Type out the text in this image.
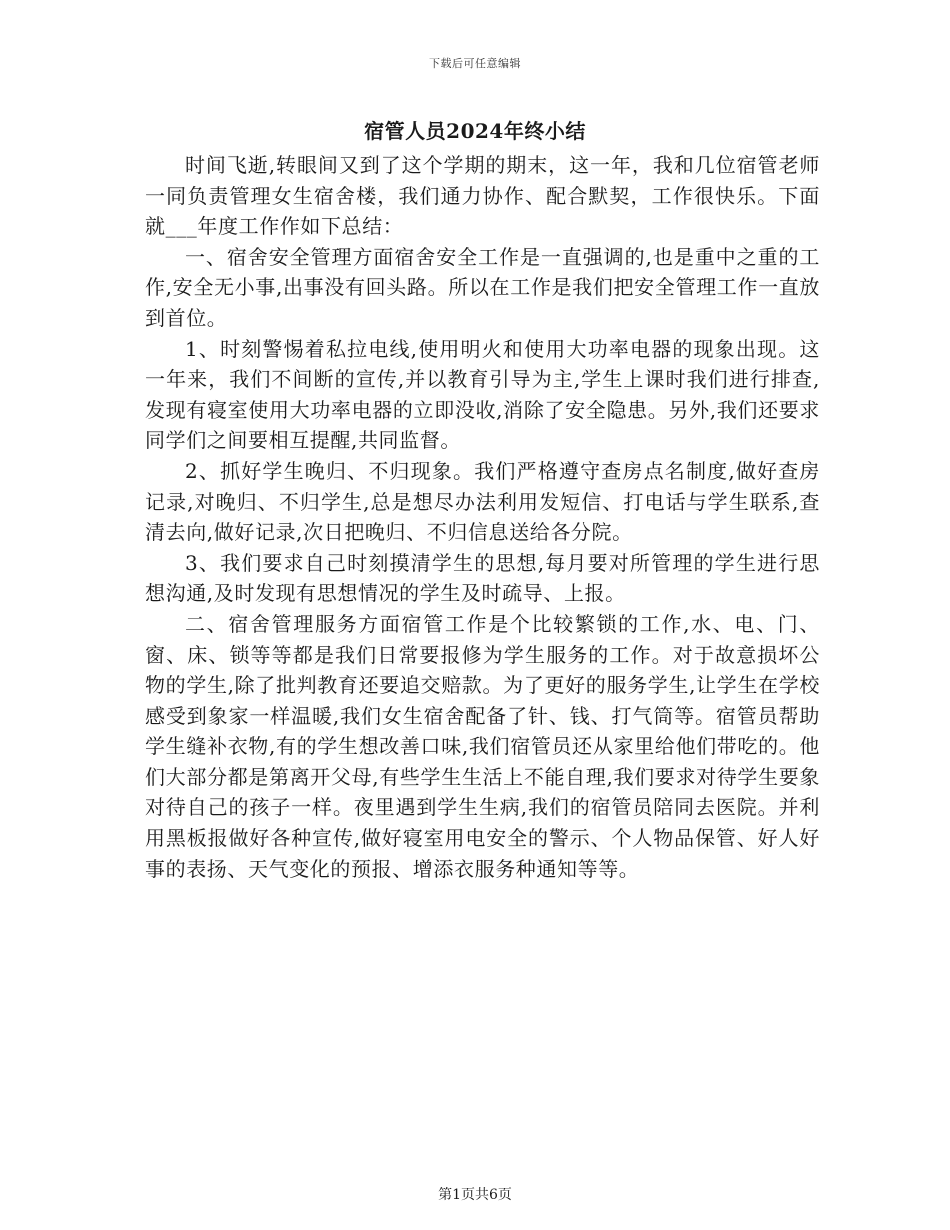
下载后可任意编辑
宿管人员2024年终小结

时间飞逝,转眼间又到了这个学期的期末，这一年，我和几位宿管老师一同负责管理女生宿舍楼，我们通力协作、配合默契，工作很快乐。下面就___年度工作作如下总结：

一、宿舍安全管理方面宿舍安全工作是一直强调的,也是重中之重的工作,安全无小事,出事没有回头路。所以在工作是我们把安全管理工作一直放到首位。

1、时刻警惕着私拉电线,使用明火和使用大功率电器的现象出现。这一年来，我们不间断的宣传,并以教育引导为主,学生上课时我们进行排查,发现有寝室使用大功率电器的立即没收,消除了安全隐患。另外,我们还要求同学们之间要相互提醒,共同监督。

2、抓好学生晚归、不归现象。我们严格遵守查房点名制度,做好查房记录,对晚归、不归学生,总是想尽办法利用发短信、打电话与学生联系,查清去向,做好记录,次日把晚归、不归信息送给各分院。

3、我们要求自己时刻摸清学生的思想,每月要对所管理的学生进行思想沟通,及时发现有思想情况的学生及时疏导、上报。

二、宿舍管理服务方面宿管工作是个比较繁锁的工作,水、电、门、窗、床、锁等等都是我们日常要报修为学生服务的工作。对于故意损坏公物的学生,除了批判教育还要追交赔款。为了更好的服务学生,让学生在学校感受到象家一样温暖,我们女生宿舍配备了针、钱、打气筒等。宿管员帮助学生缝补衣物,有的学生想改善口味,我们宿管员还从家里给他们带吃的。他们大部分都是第离开父母,有些学生生活上不能自理,我们要求对待学生要象对待自己的孩子一样。夜里遇到学生生病,我们的宿管员陪同去医院。并利用黑板报做好各种宣传,做好寝室用电安全的警示、个人物品保管、好人好事的表扬、天气变化的预报、增添衣服务种通知等等。

第1页共6页
